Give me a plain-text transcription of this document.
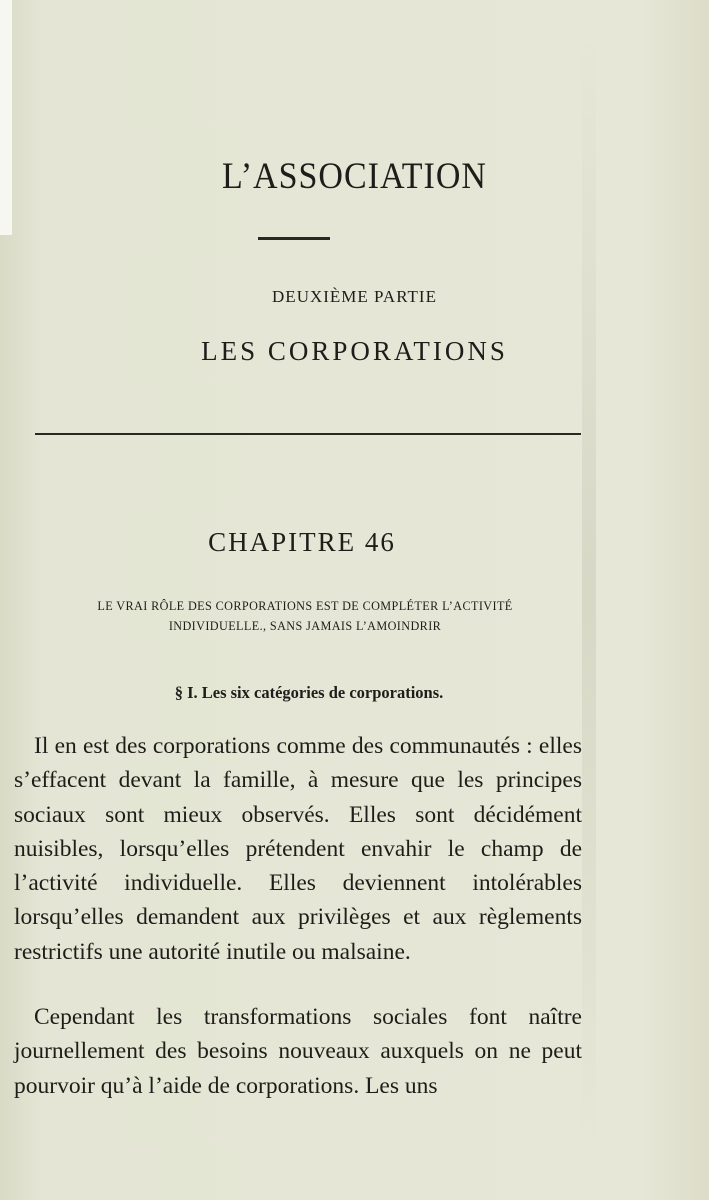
L’ASSOCIATION
DEUXIÈME PARTIE
LES CORPORATIONS
CHAPITRE 46
LE VRAI RÔLE DES CORPORATIONS EST DE COMPLÉTER L’ACTIVITÉ
INDIVIDUELLE., SANS JAMAIS L’AMOINDRIR
§ I. Les six catégories de corporations.

Il en est des corporations comme des communautés : elles s’effacent devant la famille, à mesure que les principes sociaux sont mieux observés. Elles sont décidément nuisibles, lorsqu’elles prétendent envahir le champ de l’activité individuelle. Elles deviennent intolérables lorsqu’elles demandent aux privilèges et aux règlements restrictifs une autorité inutile ou malsaine.

Cependant les transformations sociales font naître journellement des besoins nouveaux auxquels on ne peut pourvoir qu’à l’aide de corporations. Les uns
